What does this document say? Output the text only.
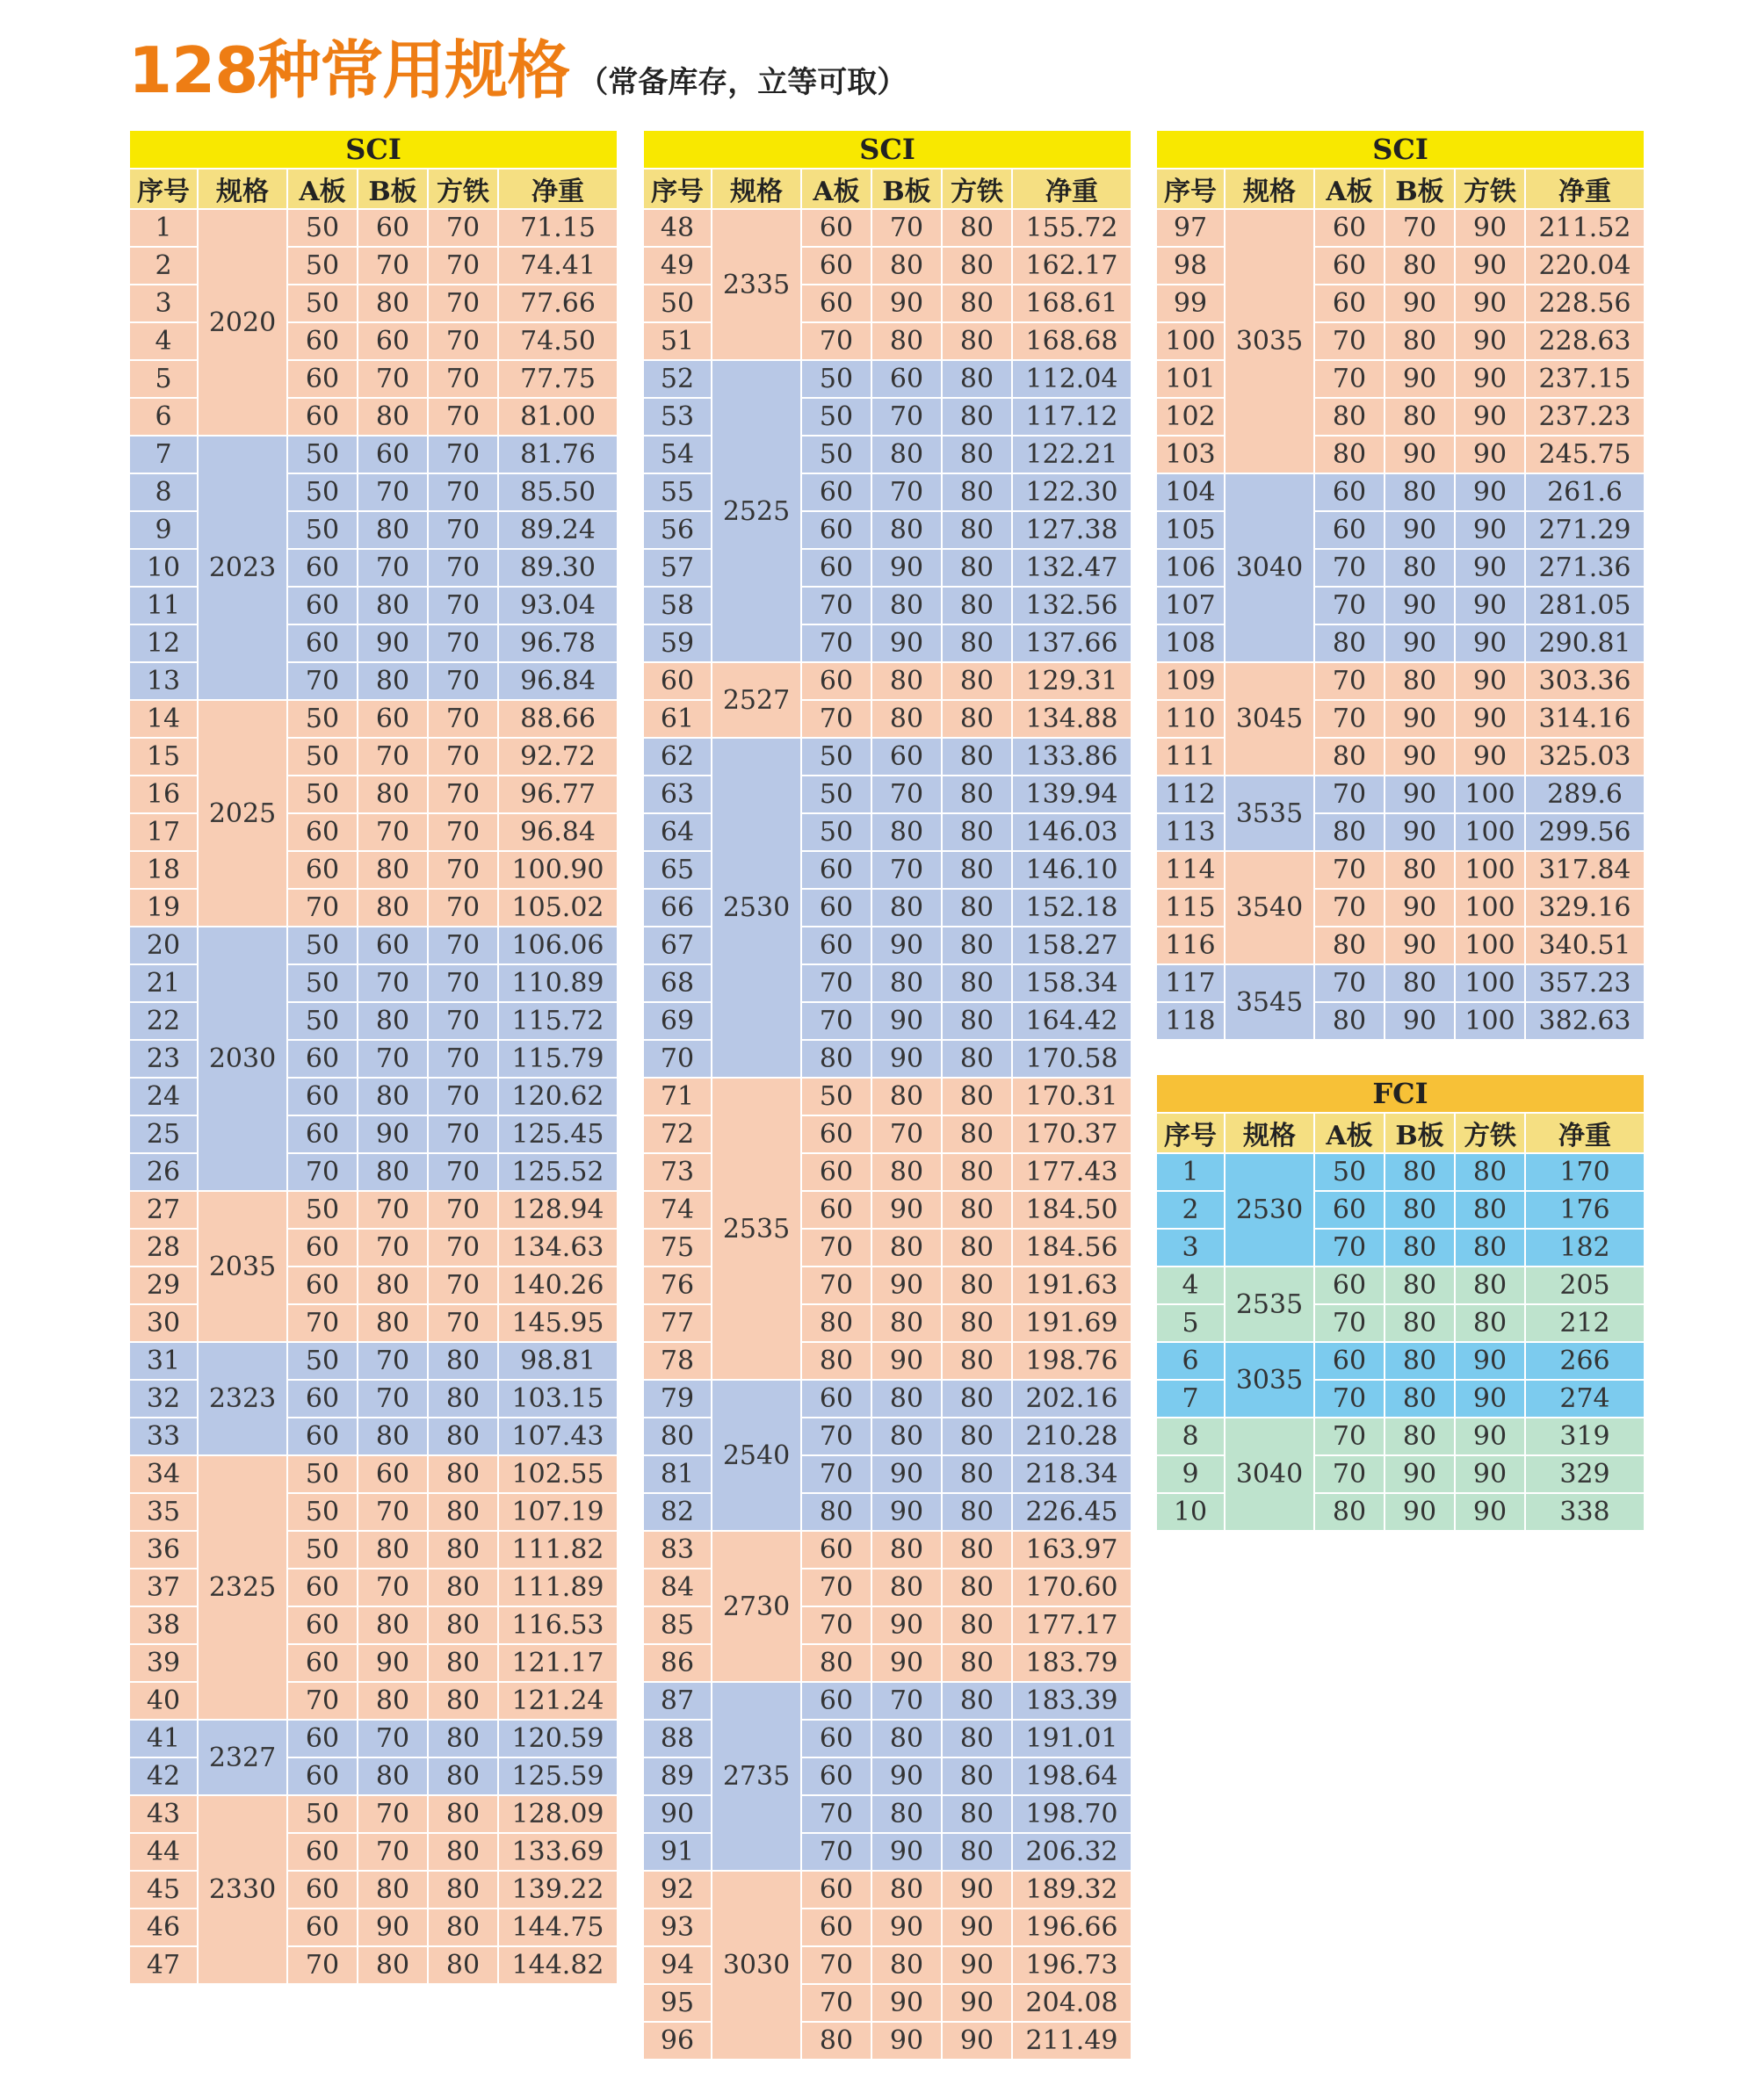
128种常用规格 （常备库存，立等可取）
SCI					
序号	规格	A板	B板	方铁	净重
1	2020	50	60	70	71.15
2		50	70	70	74.41
3		50	80	70	77.66
4		60	60	70	74.50
5		60	70	70	77.75
6		60	80	70	81.00
7	2023	50	60	70	81.76
8		50	70	70	85.50
9		50	80	70	89.24
10		60	70	70	89.30
11		60	80	70	93.04
12		60	90	70	96.78
13		70	80	70	96.84
14	2025	50	60	70	88.66
15		50	70	70	92.72
16		50	80	70	96.77
17		60	70	70	96.84
18		60	80	70	100.90
19		70	80	70	105.02
20	2030	50	60	70	106.06
21		50	70	70	110.89
22		50	80	70	115.72
23		60	70	70	115.79
24		60	80	70	120.62
25		60	90	70	125.45
26		70	80	70	125.52
27	2035	50	70	70	128.94
28		60	70	70	134.63
29		60	80	70	140.26
30		70	80	70	145.95
31	2323	50	70	80	98.81
32		60	70	80	103.15
33		60	80	80	107.43
34	2325	50	60	80	102.55
35		50	70	80	107.19
36		50	80	80	111.82
37		60	70	80	111.89
38		60	80	80	116.53
39		60	90	80	121.17
40		70	80	80	121.24
41	2327	60	70	80	120.59
42		60	80	80	125.59
43	2330	50	70	80	128.09
44		60	70	80	133.69
45		60	80	80	139.22
46		60	90	80	144.75
47		70	80	80	144.82
SCI					
序号	规格	A板	B板	方铁	净重
48	2335	60	70	80	155.72
49		60	80	80	162.17
50		60	90	80	168.61
51		70	80	80	168.68
52	2525	50	60	80	112.04
53		50	70	80	117.12
54		50	80	80	122.21
55		60	70	80	122.30
56		60	80	80	127.38
57		60	90	80	132.47
58		70	80	80	132.56
59		70	90	80	137.66
60	2527	60	80	80	129.31
61		70	80	80	134.88
62	2530	50	60	80	133.86
63		50	70	80	139.94
64		50	80	80	146.03
65		60	70	80	146.10
66		60	80	80	152.18
67		60	90	80	158.27
68		70	80	80	158.34
69		70	90	80	164.42
70		80	90	80	170.58
71	2535	50	80	80	170.31
72		60	70	80	170.37
73		60	80	80	177.43
74		60	90	80	184.50
75		70	80	80	184.56
76		70	90	80	191.63
77		80	80	80	191.69
78		80	90	80	198.76
79	2540	60	80	80	202.16
80		70	80	80	210.28
81		70	90	80	218.34
82		80	90	80	226.45
83	2730	60	80	80	163.97
84		70	80	80	170.60
85		70	90	80	177.17
86		80	90	80	183.79
87	2735	60	70	80	183.39
88		60	80	80	191.01
89		60	90	80	198.64
90		70	80	80	198.70
91		70	90	80	206.32
92	3030	60	80	90	189.32
93		60	90	90	196.66
94		70	80	90	196.73
95		70	90	90	204.08
96		80	90	90	211.49
SCI					
序号	规格	A板	B板	方铁	净重
97	3035	60	70	90	211.52
98		60	80	90	220.04
99		60	90	90	228.56
100		70	80	90	228.63
101		70	90	90	237.15
102		80	80	90	237.23
103		80	90	90	245.75
104	3040	60	80	90	261.6
105		60	90	90	271.29
106		70	80	90	271.36
107		70	90	90	281.05
108		80	90	90	290.81
109	3045	70	80	90	303.36
110		70	90	90	314.16
111		80	90	90	325.03
112	3535	70	90	100	289.6
113		80	90	100	299.56
114	3540	70	80	100	317.84
115		70	90	100	329.16
116		80	90	100	340.51
117	3545	70	80	100	357.23
118		80	90	100	382.63
FCI					
序号	规格	A板	B板	方铁	净重
1	2530	50	80	80	170
2		60	80	80	176
3		70	80	80	182
4	2535	60	80	80	205
5		70	80	80	212
6	3035	60	80	90	266
7		70	80	90	274
8	3040	70	80	90	319
9		70	90	90	329
10		80	90	90	338
